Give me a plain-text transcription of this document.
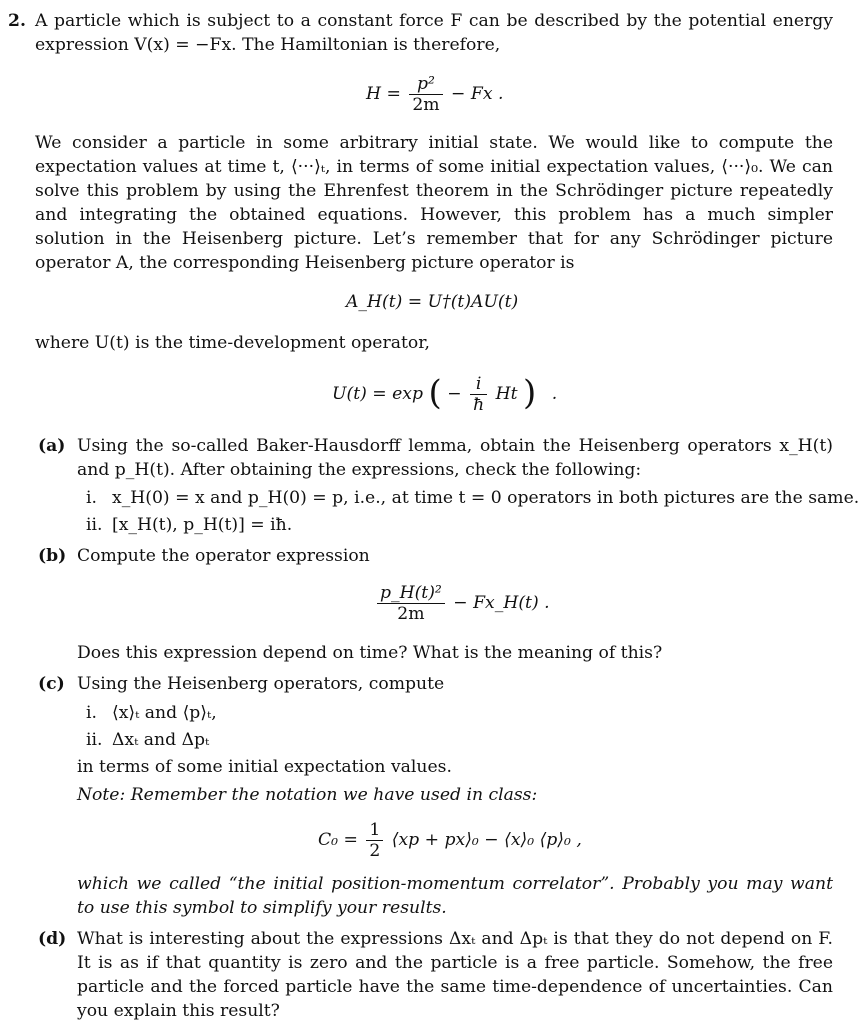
2. A particle which is subject to a constant force F can be described by the potential energy expression V(x) = −Fx. The Hamiltonian is therefore,
$H = \frac{\text{p²}}{2m} - Fx$ .
We consider a particle in some arbitrary initial state. We would like to compute the expectation values at time t, ⟨···⟩ₜ, in terms of some initial expectation values, ⟨···⟩₀. We can solve this problem by using the Ehrenfest theorem in the Schrödinger picture repeatedly and integrating the obtained equations. However, this problem has a much simpler solution in the Heisenberg picture. Let’s remember that for any Schrödinger picture operator A, the corresponding Heisenberg picture operator is
A_H(t) = U†(t)AU(t)
where U(t) is the time-development operator,
U(t) = exp ( − $\frac{i}{ħ}$ Ht ) .
(a) Using the so-called Baker-Hausdorff lemma, obtain the Heisenberg operators x_H(t) and p_H(t). After obtaining the expressions, check the following:
i. x_H(0) = x and p_H(0) = p, i.e., at time t = 0 operators in both pictures are the same.
ii. [x_H(t), p_H(t)] = iħ.
(b) Compute the operator expression
$\frac{\text{p\_H(t)²}}{2m}$ − Fx_H(t) .
Does this expression depend on time? What is the meaning of this?
(c) Using the Heisenberg operators, compute
i. ⟨x⟩ₜ and ⟨p⟩ₜ,
ii. Δxₜ and Δpₜ
in terms of some initial expectation values.
Note: Remember the notation we have used in class:
$C_0 = \frac{1}{2}$ ⟨xp + px⟩₀ − ⟨x⟩₀ ⟨p⟩₀ ,
which we called “the initial position-momentum correlator”. Probably you may want to use this symbol to simplify your results.
(d) What is interesting about the expressions Δxₜ and Δpₜ is that they do not depend on F. It is as if that quantity is zero and the particle is a free particle. Somehow, the free particle and the forced particle have the same time-dependence of uncertainties. Can you explain this result?
